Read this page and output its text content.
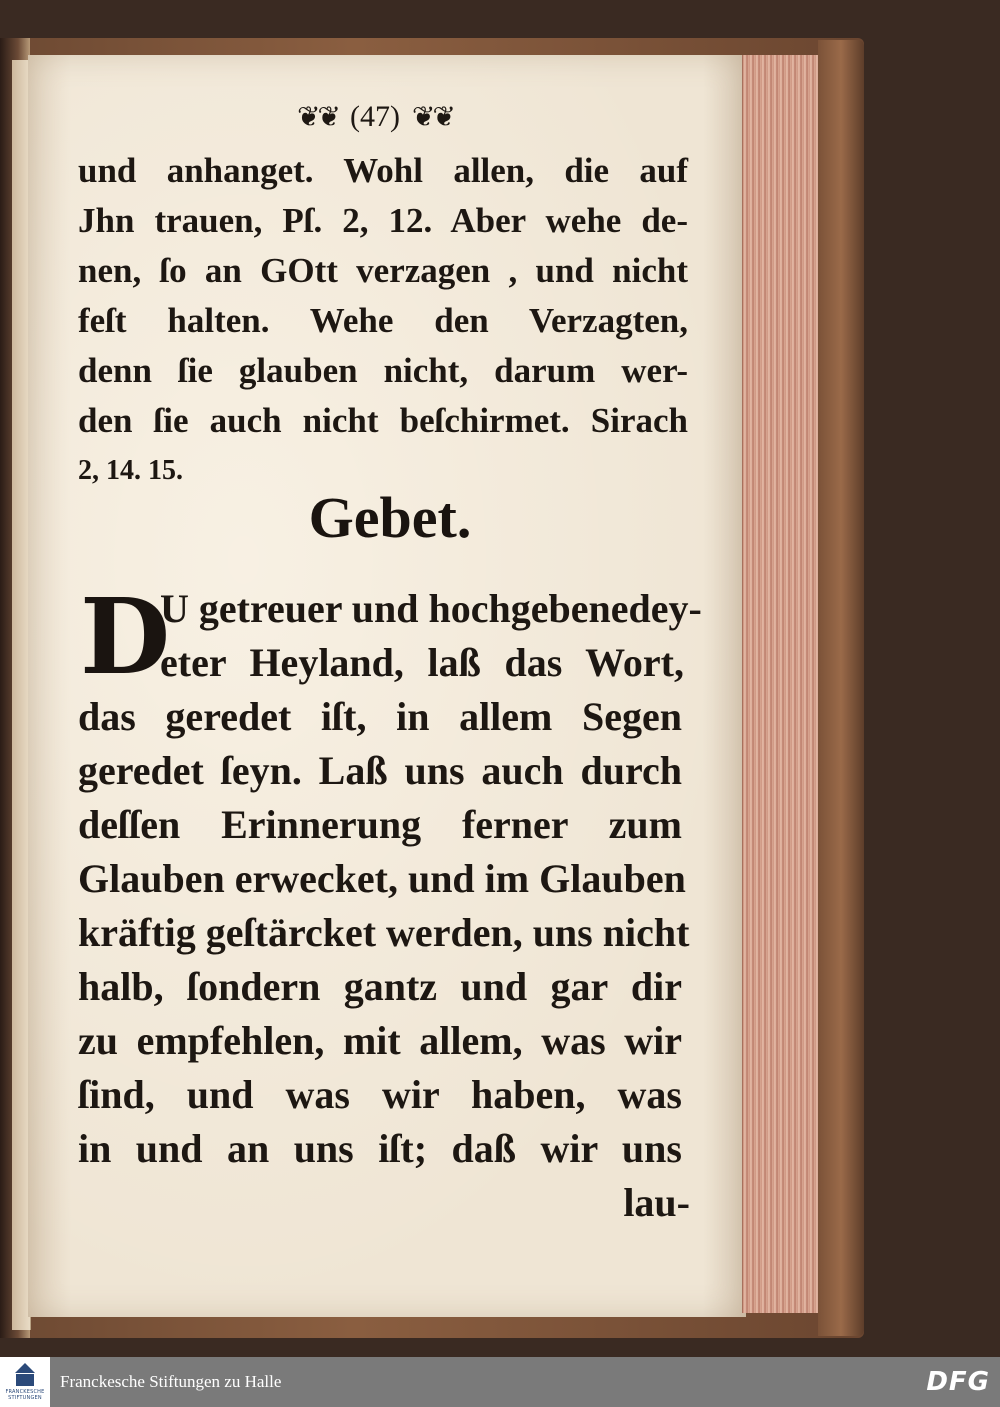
❦❦ (47) ❦❦
und anhanget. Wohl allen, die auf
Jhn trauen, Pſ. 2, 12. Aber wehe de-
nen, ſo an GOtt verzagen , und nicht
feſt halten. Wehe den Verzagten,
denn ſie glauben nicht, darum wer-
den ſie auch nicht beſchirmet. Sirach
2, 14. 15.
Gebet.
D
U getreuer und hochgebenedey-
eter Heyland, laß das Wort,
das geredet iſt, in allem Segen
geredet ſeyn. Laß uns auch durch
deſſen Erinnerung ferner zum
Glauben erwecket, und im Glauben
kräftig geſtärcket werden, uns nicht
halb, ſondern gantz und gar dir
zu empfehlen, mit allem, was wir
ſind, und was wir haben, was
in und an uns iſt; daß wir uns
lau-
FRANCKESCHE
STIFTUNGEN
Franckesche Stiftungen zu Halle	DFG
